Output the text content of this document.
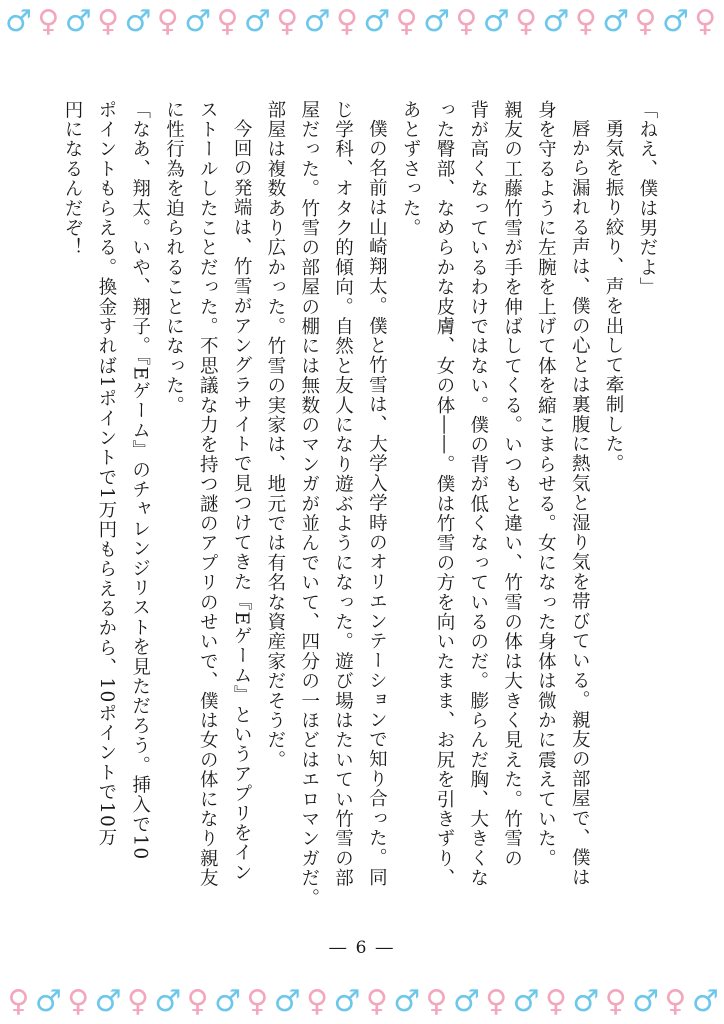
♂ ♀ ♂ ♀ ♂ ♀ ♂ ♀ ♂ ♀ ♂ ♀ ♂ ♀ ♂ ♀ ♂ ♀ ♂ ♀ ♂ ♀ ♂ ♀
「ねえ、僕は男だよ」
勇気を振り絞り、声を出して牽制した。
唇から漏れる声は、僕の心とは裏腹に熱気と湿り気を帯びている。親友の部屋で、僕は
身を守るように左腕を上げて体を縮こまらせる。女になった身体は微かに震えていた。
親友の工藤竹雪が手を伸ばしてくる。いつもと違い、竹雪の体は大きく見えた。竹雪の
背が高くなっているわけではない。僕の背が低くなっているのだ。膨らんだ胸、大きくな
った臀部、なめらかな皮膚、女の体――。僕は竹雪の方を向いたまま、お尻を引きずり、
あとずさった。
僕の名前は山崎翔太。僕と竹雪は、大学入学時のオリエンテーションで知り合った。同
じ学科、オタク的傾向。自然と友人になり遊ぶようになった。遊び場はたいてい竹雪の部
屋だった。竹雪の部屋の棚には無数のマンガが並んでいて、四分の一ほどはエロマンガだ。
部屋は複数あり広かった。竹雪の実家は、地元では有名な資産家だそうだ。
今回の発端は、竹雪がアングラサイトで見つけてきた『Eゲーム』というアプリをイン
ストールしたことだった。不思議な力を持つ謎のアプリのせいで、僕は女の体になり親友
に性行為を迫られることになった。
「なあ、翔太。いや、翔子。『Eゲーム』のチャレンジリストを見ただろう。挿入で10
ポイントもらえる。換金すれば1ポイントで1万円もらえるから、10ポイントで10万
円になるんだぞ！
― 6 ―
♀ ♂ ♀ ♂ ♀ ♂ ♀ ♂ ♀ ♂ ♀ ♂ ♀ ♂ ♀ ♂ ♀ ♂ ♀ ♂ ♀ ♂ ♀ ♂
